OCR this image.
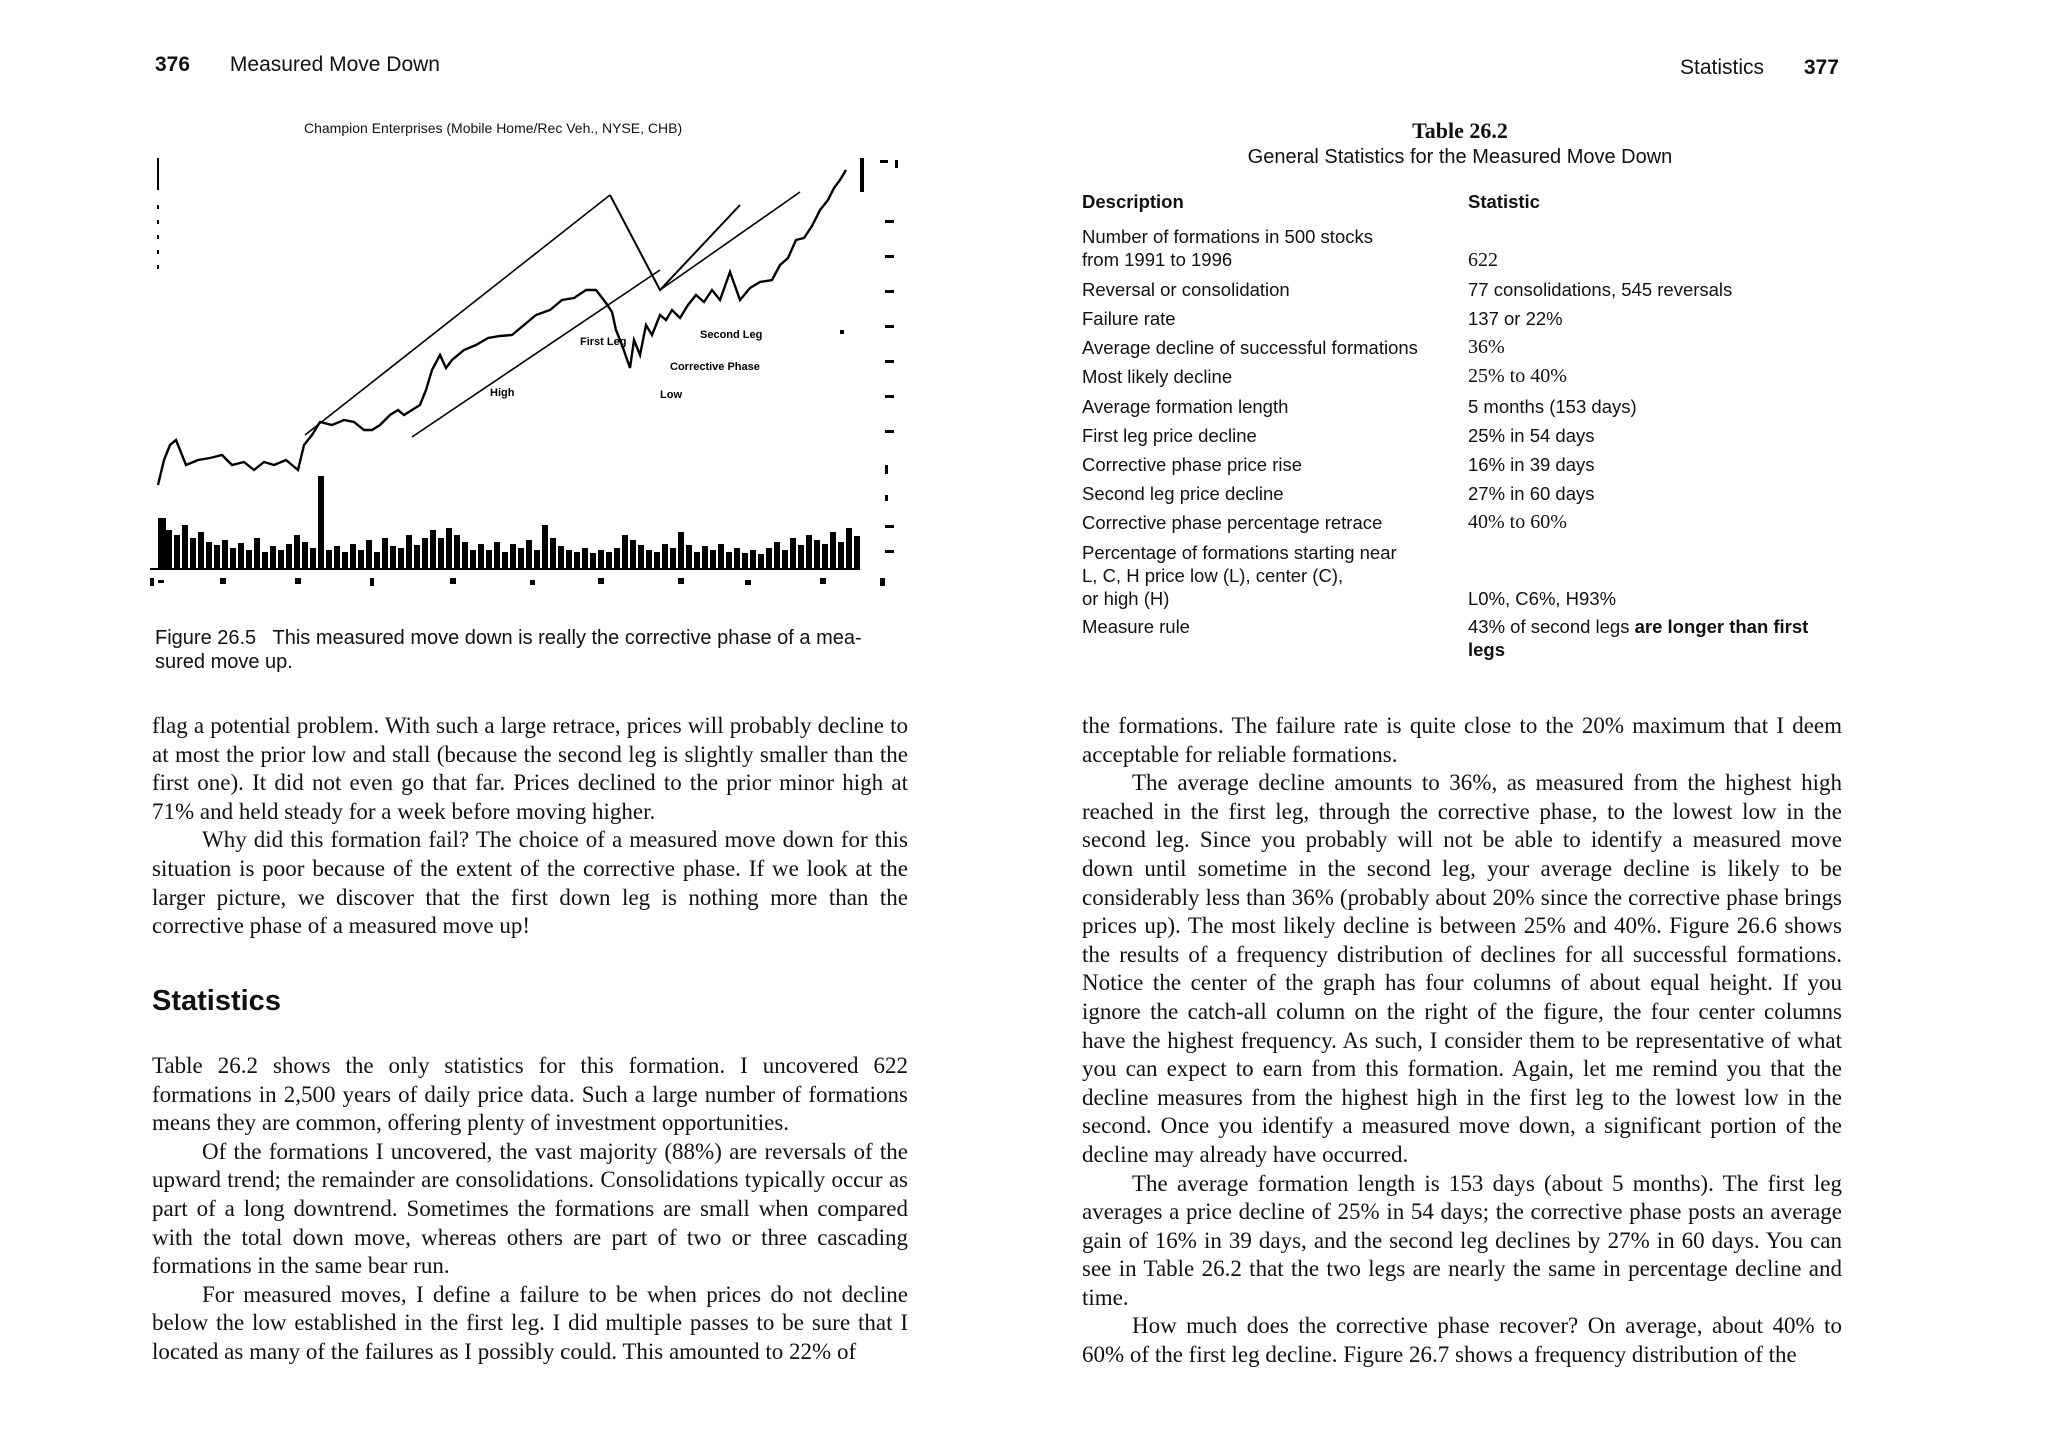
376 Measured Move Down
Champion Enterprises (Mobile Home/Rec Veh., NYSE, CHB)
First Leg
Second Leg
Corrective Phase
High	Low
Figure 26.5 This measured move down is really the corrective phase of a mea-
sured move up.

flag a potential problem. With such a large retrace, prices will probably decline to at most the prior low and stall (because the second leg is slightly smaller than the first one). It did not even go that far. Prices declined to the prior minor high at 71% and held steady for a week before moving higher.

Why did this formation fail? The choice of a measured move down for this situation is poor because of the extent of the corrective phase. If we look at the larger picture, we discover that the first down leg is nothing more than the corrective phase of a measured move up!

Statistics

Table 26.2 shows the only statistics for this formation. I uncovered 622 formations in 2,500 years of daily price data. Such a large number of formations means they are common, offering plenty of investment opportunities.

Of the formations I uncovered, the vast majority (88%) are reversals of the upward trend; the remainder are consolidations. Consolidations typically occur as part of a long downtrend. Sometimes the formations are small when compared with the total down move, whereas others are part of two or three cascading formations in the same bear run.

For measured moves, I define a failure to be when prices do not decline below the low established in the first leg. I did multiple passes to be sure that I located as many of the failures as I possibly could. This amounted to 22% of

Statistics 377
Table 26.2
General Statistics for the Measured Move Down
Description	Statistic
Number of formations in 500 stocks
from 1991 to 1996	622
Reversal or consolidation	77 consolidations, 545 reversals
Failure rate	137 or 22%
Average decline of successful formations	36%
Most likely decline	25% to 40%
Average formation length	5 months (153 days)
First leg price decline	25% in 54 days
Corrective phase price rise	16% in 39 days
Second leg price decline	27% in 60 days
Corrective phase percentage retrace	40% to 60%
Percentage of formations starting near
L, C, H price low (L), center (C),
or high (H)	L0%, C6%, H93%
Measure rule	43% of second legs are longer than first legs

the formations. The failure rate is quite close to the 20% maximum that I deem acceptable for reliable formations.

The average decline amounts to 36%, as measured from the highest high reached in the first leg, through the corrective phase, to the lowest low in the second leg. Since you probably will not be able to identify a measured move down until sometime in the second leg, your average decline is likely to be considerably less than 36% (probably about 20% since the corrective phase brings prices up). The most likely decline is between 25% and 40%. Figure 26.6 shows the results of a frequency distribution of declines for all successful formations. Notice the center of the graph has four columns of about equal height. If you ignore the catch-all column on the right of the figure, the four center columns have the highest frequency. As such, I consider them to be representative of what you can expect to earn from this formation. Again, let me remind you that the decline measures from the highest high in the first leg to the lowest low in the second. Once you identify a measured move down, a significant portion of the decline may already have occurred.

The average formation length is 153 days (about 5 months). The first leg averages a price decline of 25% in 54 days; the corrective phase posts an average gain of 16% in 39 days, and the second leg declines by 27% in 60 days. You can see in Table 26.2 that the two legs are nearly the same in percentage decline and time.

How much does the corrective phase recover? On average, about 40% to 60% of the first leg decline. Figure 26.7 shows a frequency distribution of the
